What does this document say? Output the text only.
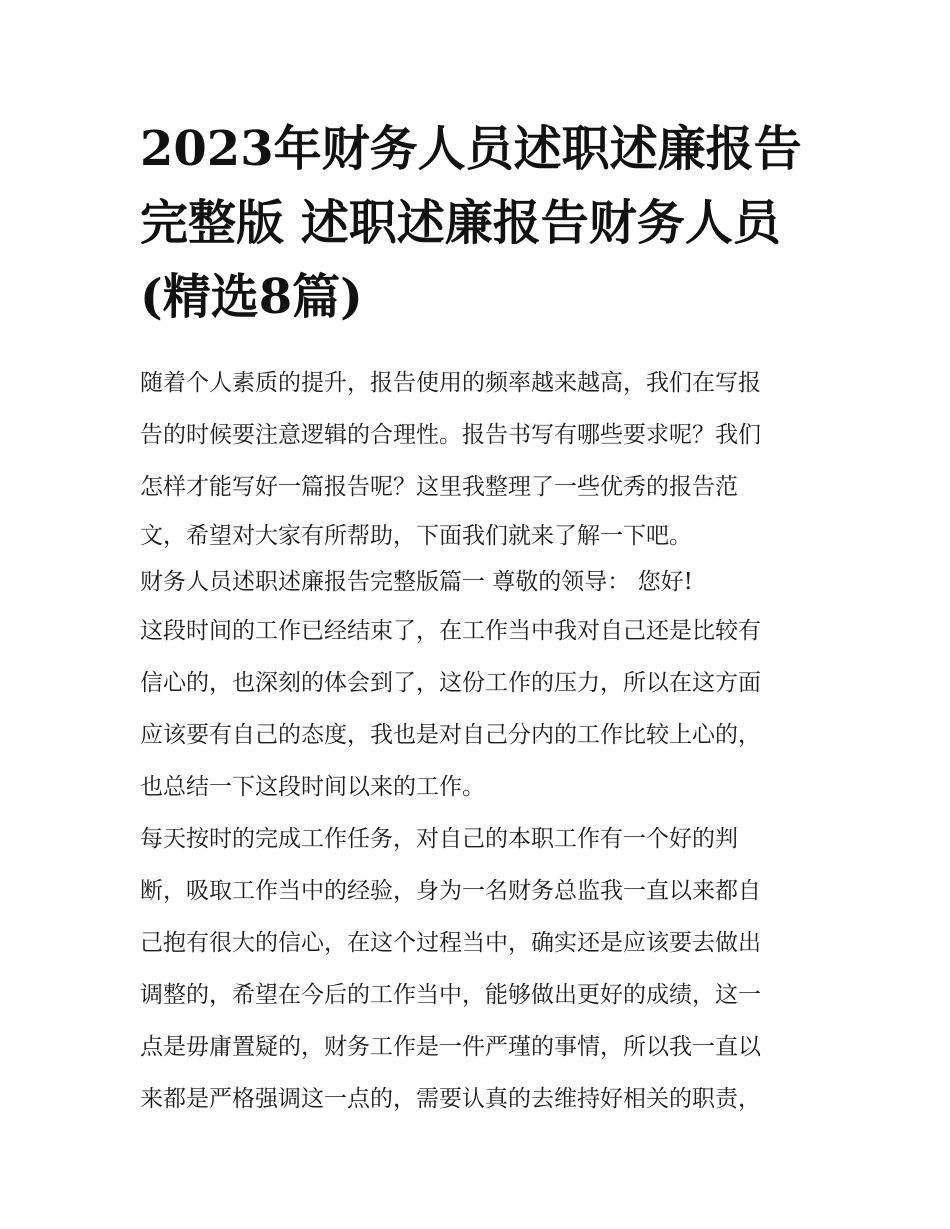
2023年财务人员述职述廉报告
完整版 述职述廉报告财务人员
(精选8篇)
随着个人素质的提升，报告使用的频率越来越高，我们在写报
告的时候要注意逻辑的合理性。报告书写有哪些要求呢？我们
怎样才能写好一篇报告呢？这里我整理了一些优秀的报告范
文，希望对大家有所帮助，下面我们就来了解一下吧。
财务人员述职述廉报告完整版篇一 尊敬的领导： 您好!
这段时间的工作已经结束了，在工作当中我对自己还是比较有
信心的，也深刻的体会到了，这份工作的压力，所以在这方面
应该要有自己的态度，我也是对自己分内的工作比较上心的，
也总结一下这段时间以来的工作。
每天按时的完成工作任务，对自己的本职工作有一个好的判
断，吸取工作当中的经验，身为一名财务总监我一直以来都自
己抱有很大的信心，在这个过程当中，确实还是应该要去做出
调整的，希望在今后的工作当中，能够做出更好的成绩，这一
点是毋庸置疑的，财务工作是一件严瑾的事情，所以我一直以
来都是严格强调这一点的，需要认真的去维持好相关的职责，
